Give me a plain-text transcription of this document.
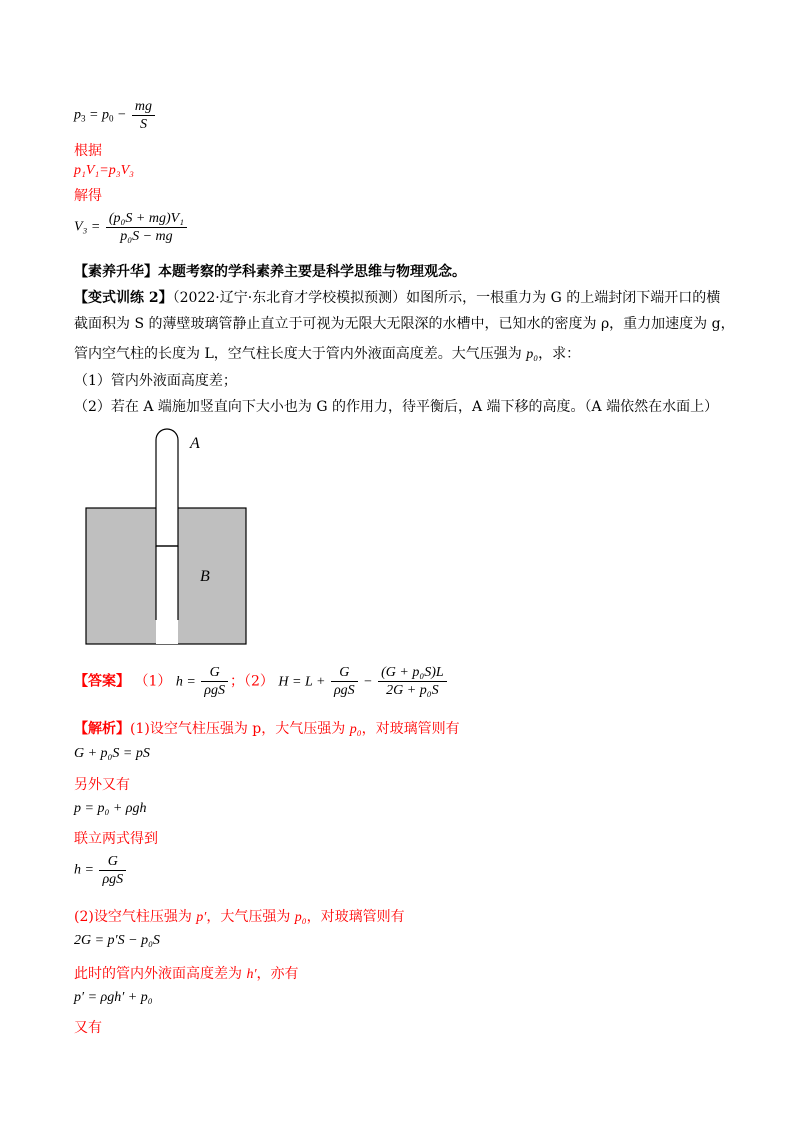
$p_3 = p_0 - \frac{mg}{S}$
根据
p₁V₁=p₃V₃
解得
$V_3 = \frac{\text{(p₀S + mg)V₁}}{\text{p₀S − mg}}$
【素养升华】本题考察的学科素养主要是科学思维与物理观念。
【变式训练 2】（2022·辽宁·东北育才学校模拟预测）如图所示，一根重力为 G 的上端封闭下端开口的横
截面积为 S 的薄壁玻璃管静止直立于可视为无限大无限深的水槽中，已知水的密度为 ρ，重力加速度为 g，
管内空气柱的长度为 L，空气柱长度大于管内外液面高度差。大气压强为 p₀，求：
（1）管内外液面高度差；
（2）若在 A 端施加竖直向下大小也为 G 的作用力，待平衡后，A 端下移的高度。（A 端依然在水面上）
A
B
【答案】 （1） $h = \frac{G}{\text{ρgS}}$ ；（2） $H = L + \frac{G}{\text{ρgS}} - \frac{\text{(G + p₀S)L}}{\text{2G + p₀S}}$
【解析】(1)设空气柱压强为 p，大气压强为 p₀，对玻璃管则有
G + p₀S = pS
另外又有
p = p₀ + ρgh
联立两式得到
$h = \frac{G}{\text{ρgS}}$
(2)设空气柱压强为 p′，大气压强为 p₀，对玻璃管则有
2G = p′S − p₀S
此时的管内外液面高度差为 h′，亦有
p′ = ρgh′ + p₀
又有
